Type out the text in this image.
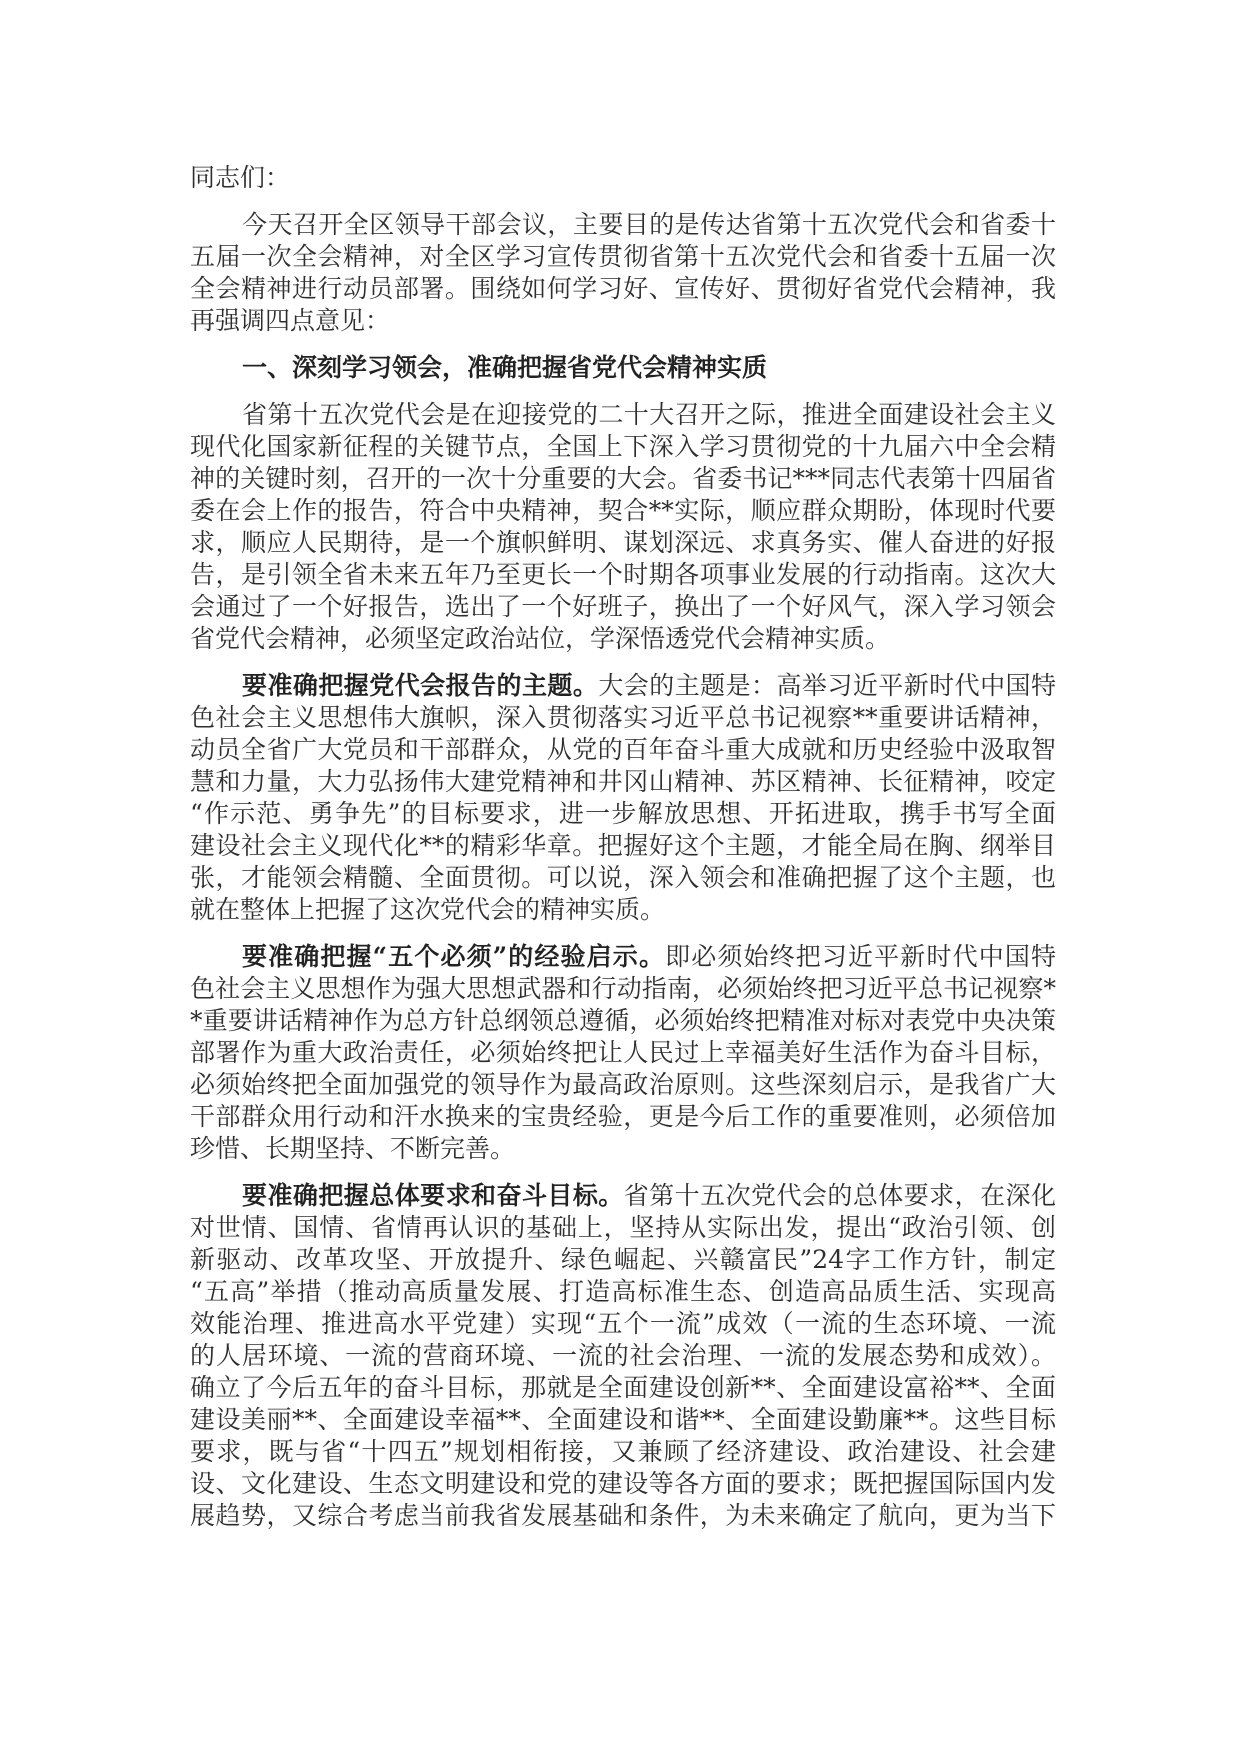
同志们：
今天召开全区领导干部会议，主要目的是传达省第十五次党代会和省委十
五届一次全会精神，对全区学习宣传贯彻省第十五次党代会和省委十五届一次
全会精神进行动员部署。围绕如何学习好、宣传好、贯彻好省党代会精神，我
再强调四点意见：
一、深刻学习领会，准确把握省党代会精神实质
省第十五次党代会是在迎接党的二十大召开之际，推进全面建设社会主义
现代化国家新征程的关键节点，全国上下深入学习贯彻党的十九届六中全会精
神的关键时刻，召开的一次十分重要的大会。省委书记***同志代表第十四届省
委在会上作的报告，符合中央精神，契合**实际，顺应群众期盼，体现时代要
求，顺应人民期待，是一个旗帜鲜明、谋划深远、求真务实、催人奋进的好报
告，是引领全省未来五年乃至更长一个时期各项事业发展的行动指南。这次大
会通过了一个好报告，选出了一个好班子，换出了一个好风气，深入学习领会
省党代会精神，必须坚定政治站位，学深悟透党代会精神实质。
要准确把握党代会报告的主题。大会的主题是：高举习近平新时代中国特
色社会主义思想伟大旗帜，深入贯彻落实习近平总书记视察**重要讲话精神，
动员全省广大党员和干部群众，从党的百年奋斗重大成就和历史经验中汲取智
慧和力量，大力弘扬伟大建党精神和井冈山精神、苏区精神、长征精神，咬定
“作示范、勇争先”的目标要求，进一步解放思想、开拓进取，携手书写全面
建设社会主义现代化**的精彩华章。把握好这个主题，才能全局在胸、纲举目
张，才能领会精髓、全面贯彻。可以说，深入领会和准确把握了这个主题，也
就在整体上把握了这次党代会的精神实质。
要准确把握“五个必须”的经验启示。即必须始终把习近平新时代中国特
色社会主义思想作为强大思想武器和行动指南，必须始终把习近平总书记视察*
*重要讲话精神作为总方针总纲领总遵循，必须始终把精准对标对表党中央决策
部署作为重大政治责任，必须始终把让人民过上幸福美好生活作为奋斗目标，
必须始终把全面加强党的领导作为最高政治原则。这些深刻启示，是我省广大
干部群众用行动和汗水换来的宝贵经验，更是今后工作的重要准则，必须倍加
珍惜、长期坚持、不断完善。
要准确把握总体要求和奋斗目标。省第十五次党代会的总体要求，在深化
对世情、国情、省情再认识的基础上，坚持从实际出发，提出“政治引领、创
新驱动、改革攻坚、开放提升、绿色崛起、兴赣富民”24字工作方针，制定
“五高”举措（推动高质量发展、打造高标准生态、创造高品质生活、实现高
效能治理、推进高水平党建）实现“五个一流”成效（一流的生态环境、一流
的人居环境、一流的营商环境、一流的社会治理、一流的发展态势和成效）。
确立了今后五年的奋斗目标，那就是全面建设创新**、全面建设富裕**、全面
建设美丽**、全面建设幸福**、全面建设和谐**、全面建设勤廉**。这些目标
要求，既与省“十四五”规划相衔接，又兼顾了经济建设、政治建设、社会建
设、文化建设、生态文明建设和党的建设等各方面的要求；既把握国际国内发
展趋势，又综合考虑当前我省发展基础和条件，为未来确定了航向，更为当下
